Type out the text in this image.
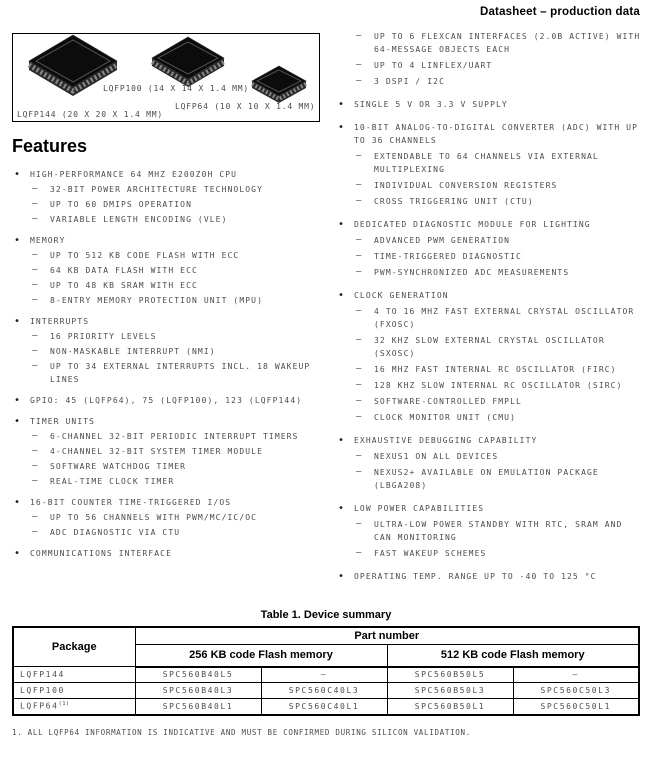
Datasheet – production data
LQFP100 (14 X 14 X 1.4 MM)
LQFP64 (10 X 10 X 1.4 MM)
LQFP144 (20 X 20 X 1.4 MM)
Features
• HIGH-PERFORMANCE 64 MHZ E200Z0H CPU
– 32-BIT POWER ARCHITECTURE TECHNOLOGY
– UP TO 60 DMIPS OPERATION
– VARIABLE LENGTH ENCODING (VLE)
• MEMORY
– UP TO 512 KB CODE FLASH WITH ECC
– 64 KB DATA FLASH WITH ECC
– UP TO 48 KB SRAM WITH ECC
– 8-ENTRY MEMORY PROTECTION UNIT (MPU)
• INTERRUPTS
– 16 PRIORITY LEVELS
– NON-MASKABLE INTERRUPT (NMI)
– UP TO 34 EXTERNAL INTERRUPTS INCL. 18 WAKEUP LINES
• GPIO: 45 (LQFP64), 75 (LQFP100), 123 (LQFP144)
• TIMER UNITS
– 6-CHANNEL 32-BIT PERIODIC INTERRUPT TIMERS
– 4-CHANNEL 32-BIT SYSTEM TIMER MODULE
– SOFTWARE WATCHDOG TIMER
– REAL-TIME CLOCK TIMER
• 16-BIT COUNTER TIME-TRIGGERED I/OS
– UP TO 56 CHANNELS WITH PWM/MC/IC/OC
– ADC DIAGNOSTIC VIA CTU
• COMMUNICATIONS INTERFACE
– UP TO 6 FLEXCAN INTERFACES (2.0B ACTIVE) WITH 64-MESSAGE OBJECTS EACH
– UP TO 4 LINFLEX/UART
– 3 DSPI / I2C
• SINGLE 5 V OR 3.3 V SUPPLY
• 10-BIT ANALOG-TO-DIGITAL CONVERTER (ADC) WITH UP TO 36 CHANNELS
– EXTENDABLE TO 64 CHANNELS VIA EXTERNAL MULTIPLEXING
– INDIVIDUAL CONVERSION REGISTERS
– CROSS TRIGGERING UNIT (CTU)
• DEDICATED DIAGNOSTIC MODULE FOR LIGHTING
– ADVANCED PWM GENERATION
– TIME-TRIGGERED DIAGNOSTIC
– PWM-SYNCHRONIZED ADC MEASUREMENTS
• CLOCK GENERATION
– 4 TO 16 MHZ FAST EXTERNAL CRYSTAL OSCILLATOR (FXOSC)
– 32 KHZ SLOW EXTERNAL CRYSTAL OSCILLATOR (SXOSC)
– 16 MHZ FAST INTERNAL RC OSCILLATOR (FIRC)
– 128 KHZ SLOW INTERNAL RC OSCILLATOR (SIRC)
– SOFTWARE-CONTROLLED FMPLL
– CLOCK MONITOR UNIT (CMU)
• EXHAUSTIVE DEBUGGING CAPABILITY
– NEXUS1 ON ALL DEVICES
– NEXUS2+ AVAILABLE ON EMULATION PACKAGE (LBGA208)
• LOW POWER CAPABILITIES
– ULTRA-LOW POWER STANDBY WITH RTC, SRAM AND CAN MONITORING
– FAST WAKEUP SCHEMES
• OPERATING TEMP. RANGE UP TO -40 TO 125 °C
Table 1. Device summary
Package	Part number			
	256 KB code Flash memory		512 KB code Flash memory	
LQFP144	SPC560B40L5	—	SPC560B50L5	—
LQFP100	SPC560B40L3	SPC560C40L3	SPC560B50L3	SPC560C50L3
LQFP64$^{(1)}$	SPC560B40L1	SPC560C40L1	SPC560B50L1	SPC560C50L1
1. ALL LQFP64 INFORMATION IS INDICATIVE AND MUST BE CONFIRMED DURING SILICON VALIDATION.
